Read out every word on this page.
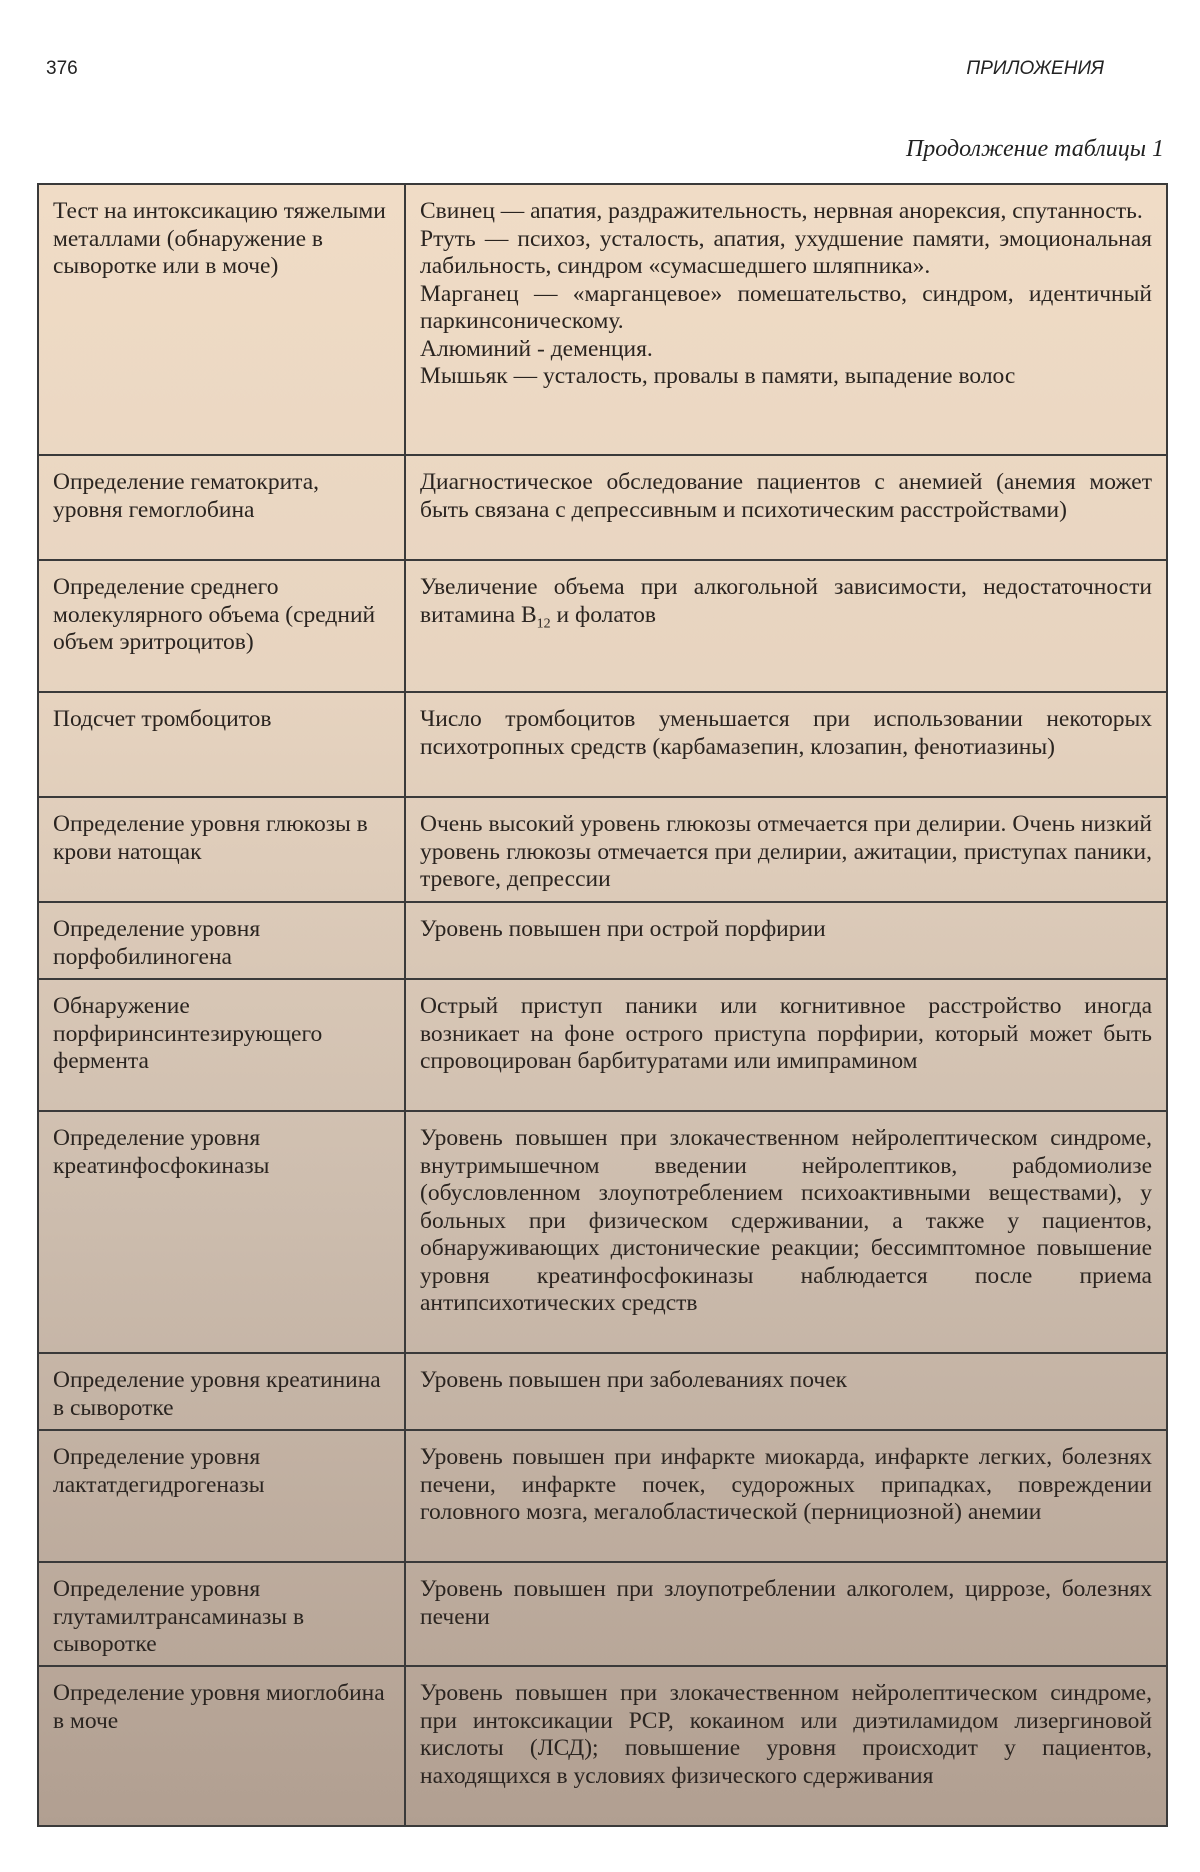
376	ПРИЛОЖЕНИЯ
Продолжение таблицы 1
Тест на интоксикацию тяжелыми металлами (обнаружение в сыворотке или в моче)	Свинец — апатия, раздражительность, нервная анорексия, спутанность.
Ртуть — психоз, усталость, апатия, ухудшение памяти, эмоциональная лабильность, синдром «сумасшедшего шляпника».
Марганец — «марганцевое» помешательство, синдром, идентичный паркинсоническому.
Алюминий - деменция.
Мышьяк — усталость, провалы в памяти, выпадение волос

Определение гематокрита, уровня гемоглобина	Диагностическое обследование пациентов с анемией (анемия может быть связана с депрессивным и психотическим расстройствами)
Определение среднего молекулярного объема (средний объем эритроцитов)	Увеличение объема при алкогольной зависимости, недостаточности витамина $B_{12}$ и фолатов
Подсчет тромбоцитов	Число тромбоцитов уменьшается при использовании некоторых психотропных средств (карбамазепин, клозапин, фенотиазины)
Определение уровня глюкозы в крови натощак	Очень высокий уровень глюкозы отмечается при делирии. Очень низкий уровень глюкозы отмечается при делирии, ажитации, приступах паники, тревоге, депрессии
Определение уровня порфобилиногена	Уровень повышен при острой порфирии
Обнаружение порфиринсинтезирующего фермента	Острый приступ паники или когнитивное расстройство иногда возникает на фоне острого приступа порфирии, который может быть спровоцирован барбитуратами или имипрамином
Определение уровня креатинфосфокиназы	Уровень повышен при злокачественном нейролептическом синдроме, внутримышечном введении нейролептиков, рабдомиолизе (обусловленном злоупотреблением психоактивными веществами), у больных при физическом сдерживании, а также у пациентов, обнаруживающих дистонические реакции; бессимптомное повышение уровня креатинфосфокиназы наблюдается после приема антипсихотических средств
Определение уровня креатинина в сыворотке	Уровень повышен при заболеваниях почек
Определение уровня лактатдегидрогеназы	Уровень повышен при инфаркте миокарда, инфаркте легких, болезнях печени, инфаркте почек, судорожных припадках, повреждении головного мозга, мегалобластической (пернициозной) анемии
Определение уровня глутамилтрансаминазы в сыворотке	Уровень повышен при злоупотреблении алкоголем, циррозе, болезнях печени
Определение уровня миоглобина в моче	Уровень повышен при злокачественном нейролептическом синдроме, при интоксикации PCP, кокаином или диэтиламидом лизергиновой кислоты (ЛСД); повышение уровня происходит у пациентов, находящихся в условиях физического сдерживания
